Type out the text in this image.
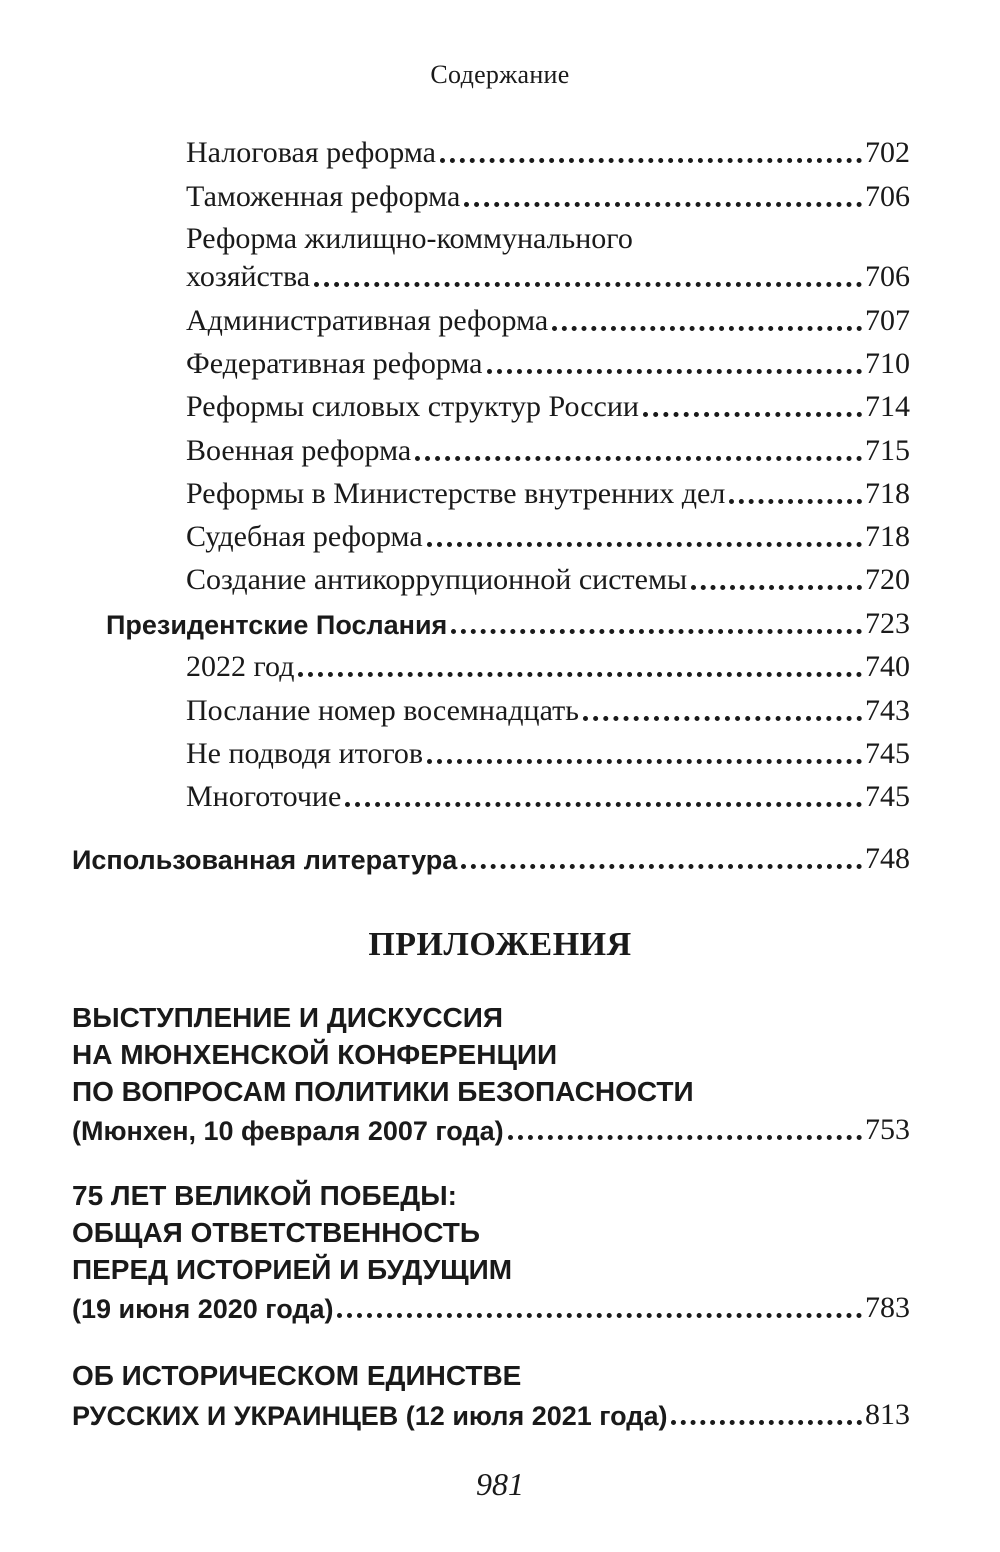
Содержание
Налоговая реформа	702
Таможенная реформа	706
Реформа жилищно-коммунального
хозяйства	706
Административная реформа	707
Федеративная реформа	710
Реформы силовых структур России	714
Военная реформа	715
Реформы в Министерстве внутренних дел	718
Судебная реформа	718
Создание антикоррупционной системы	720
Президентские Послания	723
2022 год	740
Послание номер восемнадцать	743
Не подводя итогов	745
Многоточие	745
Использованная литература	748
ПРИЛОЖЕНИЯ
ВЫСТУПЛЕНИЕ И ДИСКУССИЯ
НА МЮНХЕНСКОЙ КОНФЕРЕНЦИИ
ПО ВОПРОСАМ ПОЛИТИКИ БЕЗОПАСНОСТИ
(Мюнхен, 10 февраля 2007 года)	753
75 ЛЕТ ВЕЛИКОЙ ПОБЕДЫ:
ОБЩАЯ ОТВЕТСТВЕННОСТЬ
ПЕРЕД ИСТОРИЕЙ И БУДУЩИМ
(19 июня 2020 года)	783
ОБ ИСТОРИЧЕСКОМ ЕДИНСТВЕ
РУССКИХ И УКРАИНЦЕВ (12 июля 2021 года)	813
981
